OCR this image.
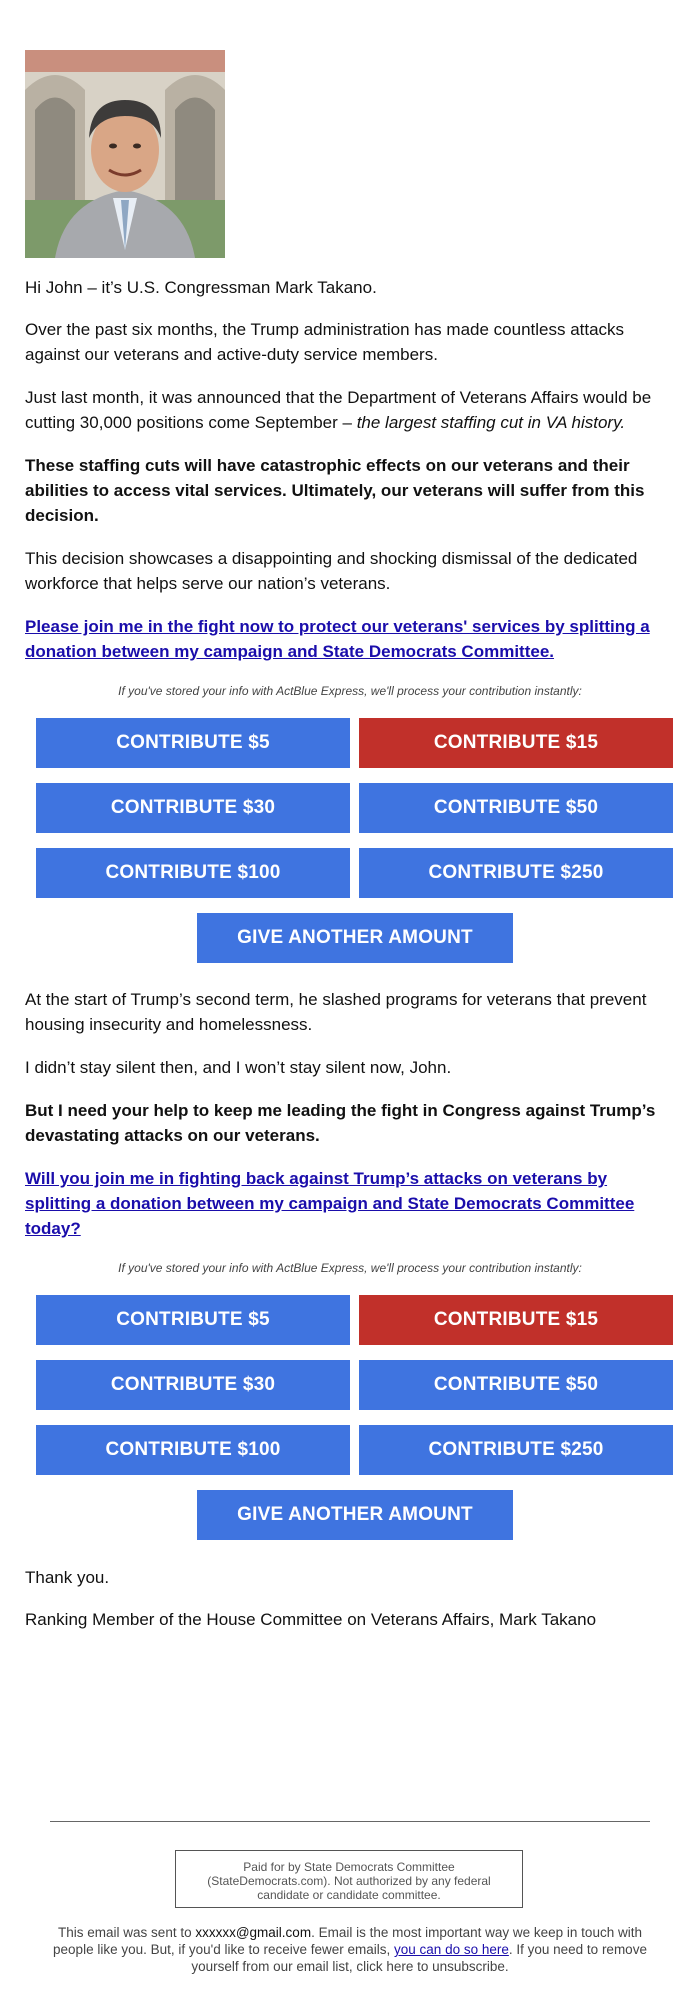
Hi John – it’s U.S. Congressman Mark Takano.

Over the past six months, the Trump administration has made countless attacks against our veterans and active-duty service members.

Just last month, it was announced that the Department of Veterans Affairs would be cutting 30,000 positions come September – the largest staffing cut in VA history.

These staffing cuts will have catastrophic effects on our veterans and their abilities to access vital services. Ultimately, our veterans will suffer from this decision.

This decision showcases a disappointing and shocking dismissal of the dedicated workforce that helps serve our nation’s veterans.

Please join me in the fight now to protect our veterans' services by splitting a donation between my campaign and State Democrats Committee.

If you've stored your info with ActBlue Express, we'll process your contribution instantly:
CONTRIBUTE $5	CONTRIBUTE $15
CONTRIBUTE $30	CONTRIBUTE $50
CONTRIBUTE $100	CONTRIBUTE $250
GIVE ANOTHER AMOUNT

At the start of Trump’s second term, he slashed programs for veterans that prevent housing insecurity and homelessness.

I didn’t stay silent then, and I won’t stay silent now, John.

But I need your help to keep me leading the fight in Congress against Trump’s devastating attacks on our veterans.

Will you join me in fighting back against Trump’s attacks on veterans by splitting a donation between my campaign and State Democrats Committee today?

If you've stored your info with ActBlue Express, we'll process your contribution instantly:
CONTRIBUTE $5	CONTRIBUTE $15
CONTRIBUTE $30	CONTRIBUTE $50
CONTRIBUTE $100	CONTRIBUTE $250
GIVE ANOTHER AMOUNT

Thank you.

Ranking Member of the House Committee on Veterans Affairs, Mark Takano

Paid for by State Democrats Committee (StateDemocrats.com). Not authorized by any federal candidate or candidate committee.
This email was sent to xxxxxx@gmail.com. Email is the most important way we keep in touch with people like you. But, if you'd like to receive fewer emails, you can do so here. If you need to remove yourself from our email list, click here to unsubscribe.
